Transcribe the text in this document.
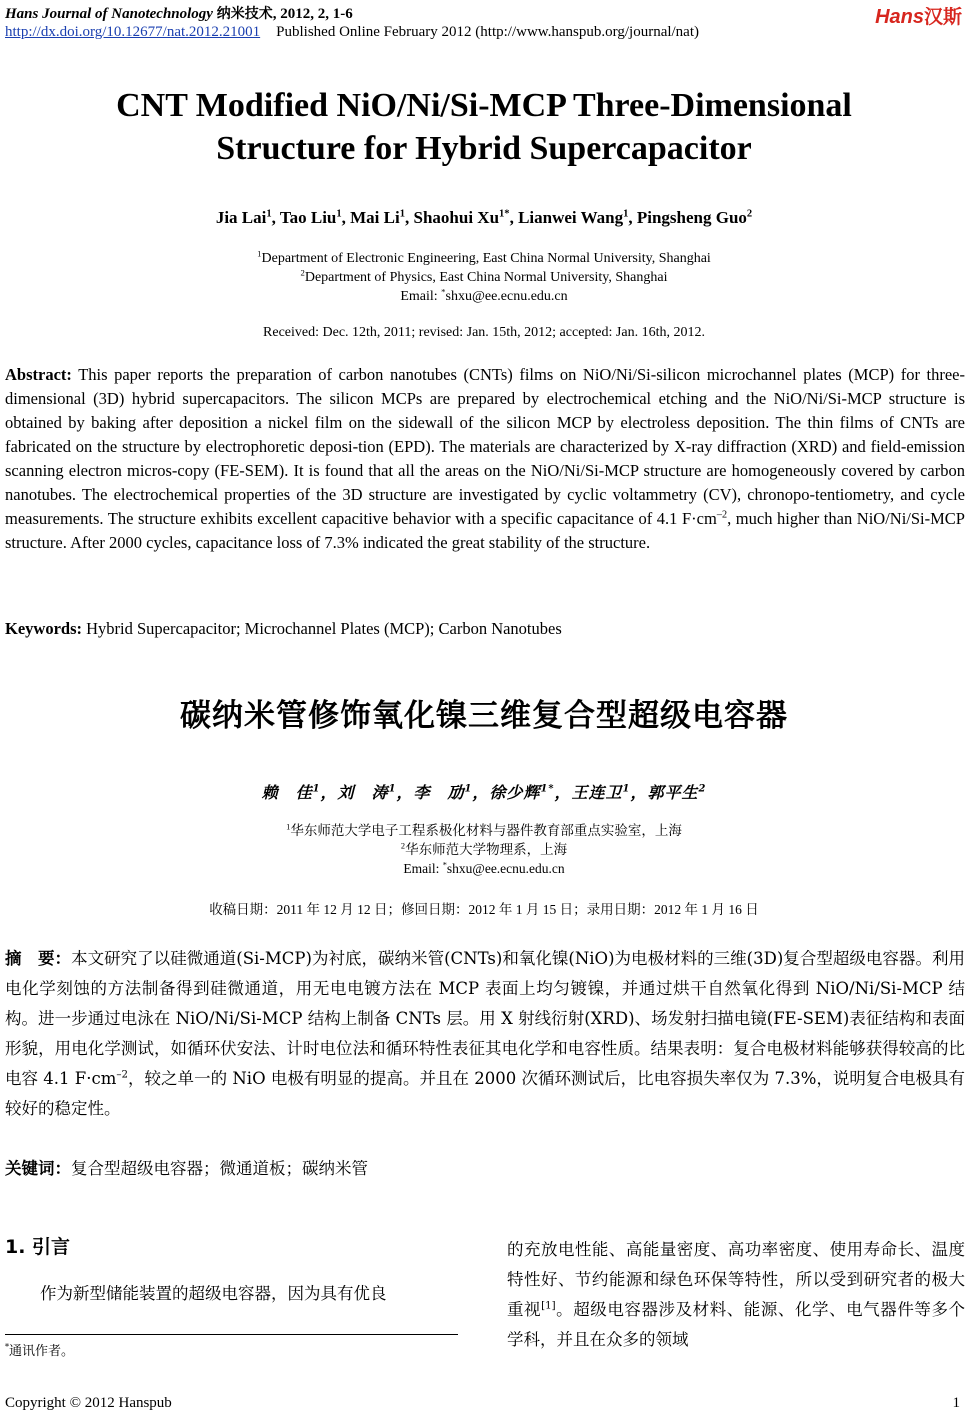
Hans Journal of Nanotechnology 纳米技术, 2012, 2, 1-6
http://dx.doi.org/10.12677/nat.2012.21001 Published Online February 2012 (http://www.hanspub.org/journal/nat)
Hans汉斯
CNT Modified NiO/Ni/Si-MCP Three-Dimensional
Structure for Hybrid Supercapacitor
Jia Lai$^1$, Tao Liu$^1$, Mai Li$^1$, Shaohui $Xu^{1*}$, Lianwei Wang$^1$, Pingsheng Guo$^2$
$^1$Department of Electronic Engineering, East China Normal University, Shanghai
$^2$Department of Physics, East China Normal University, Shanghai
Email: *shxu@ee.ecnu.edu.cn
Received: Dec. 12th, 2011; revised: Jan. 15th, 2012; accepted: Jan. 16th, 2012.
Abstract: This paper reports the preparation of carbon nanotubes (CNTs) films on NiO/Ni/Si-silicon microchannel plates (MCP) for three-dimensional (3D) hybrid supercapacitors. The silicon MCPs are prepared by electrochemical etching and the NiO/Ni/Si-MCP structure is obtained by baking after deposition a nickel film on the sidewall of the silicon MCP by electroless deposition. The thin films of CNTs are fabricated on the structure by electrophoretic deposi-tion (EPD). The materials are characterized by X-ray diffraction (XRD) and field-emission scanning electron micros-copy (FE-SEM). It is found that all the areas on the NiO/Ni/Si-MCP structure are homogeneously covered by carbon nanotubes. The electrochemical properties of the 3D structure are investigated by cyclic voltammetry (CV), chronopo-tentiometry, and cycle measurements. The structure exhibits excellent capacitive behavior with a specific capacitance of 4.1 $F\cdot cm^{-2}$, much higher than NiO/Ni/Si-MCP structure. After 2000 cycles, capacitance loss of 7.3% indicated the great stability of the structure.
Keywords: Hybrid Supercapacitor; Microchannel Plates (MCP); Carbon Nanotubes
碳纳米管修饰氧化镍三维复合型超级电容器
赖　佳$^1$，刘　涛$^1$，李　劢$^1$，徐少辉$^{1*}$，王连卫$^1$，郭平生$^2$
$^1$华东师范大学电子工程系极化材料与器件教育部重点实验室，上海
$^2$华东师范大学物理系，上海
Email: *shxu@ee.ecnu.edu.cn
收稿日期：2011 年 12 月 12 日；修回日期：2012 年 1 月 15 日；录用日期：2012 年 1 月 16 日
摘　要：本文研究了以硅微通道(Si-MCP)为衬底，碳纳米管(CNTs)和氧化镍(NiO)为电极材料的三维(3D)复合型超级电容器。利用电化学刻蚀的方法制备得到硅微通道，用无电电镀方法在 MCP 表面上均匀镀镍，并通过烘干自然氧化得到 NiO/Ni/Si-MCP 结构。进一步通过电泳在 NiO/Ni/Si-MCP 结构上制备 CNTs 层。用 X 射线衍射(XRD)、场发射扫描电镜(FE-SEM)表征结构和表面形貌，用电化学测试，如循环伏安法、计时电位法和循环特性表征其电化学和电容性质。结果表明：复合电极材料能够获得较高的比电容 4.1 $F\cdot cm^{-2}$，较之单一的 NiO 电极有明显的提高。并且在 2000 次循环测试后，比电容损失率仅为 7.3%，说明复合电极具有较好的稳定性。
关键词：复合型超级电容器；微通道板；碳纳米管
1. 引言
作为新型储能装置的超级电容器，因为具有优良
的充放电性能、高能量密度、高功率密度、使用寿命长、温度特性好、节约能源和绿色环保等特性，所以受到研究者的极大重视[1]。超级电容器涉及材料、能源、化学、电气器件等多个学科，并且在众多的领域
*通讯作者。
Copyright © 2012 Hanspub	1
